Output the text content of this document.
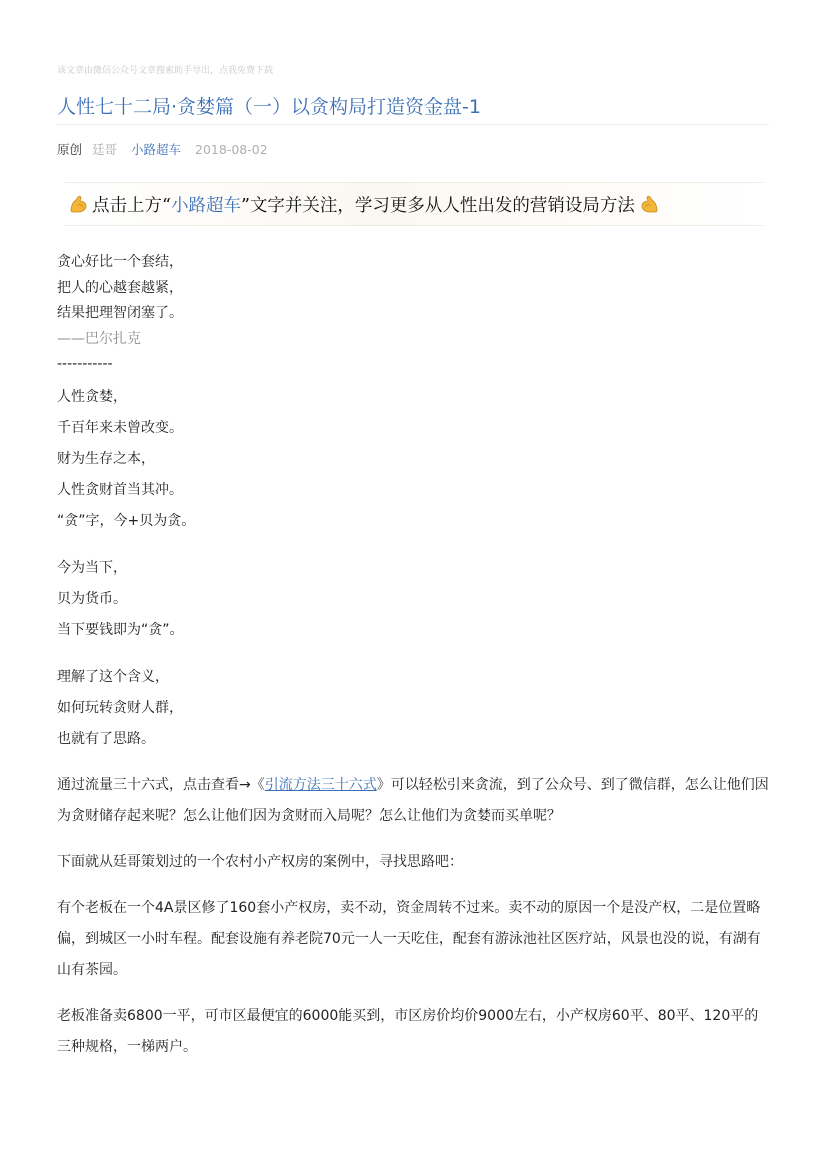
该文章由微信公众号文章搜索助手导出，点我免费下载
人性七十二局·贪婪篇（一）以贪构局打造资金盘-1
原创 廷哥 小路超车 2018-08-02
点击上方“ 小路超车 ”文字并关注，学习更多从人性出发的营销设局方法
贪心好比一个套结，
把人的心越套越紧，
结果把理智闭塞了。
——巴尔扎克
-----------
人性贪婪，
千百年来未曾改变。
财为生存之本，
人性贪财首当其冲。
“贪”字，今+贝为贪。
今为当下，
贝为货币。
当下要钱即为“贪”。
理解了这个含义，
如何玩转贪财人群，
也就有了思路。

通过流量三十六式，点击查看→《引流方法三十六式》可以轻松引来贪流，到了公众号、到了微信群，怎么让他们因为贪财储存起来呢？怎么让他们因为贪财而入局呢？怎么让他们为贪婪而买单呢？

下面就从廷哥策划过的一个农村小产权房的案例中，寻找思路吧：

有个老板在一个4A景区修了160套小产权房，卖不动，资金周转不过来。卖不动的原因一个是没产权，二是位置略偏，到城区一小时车程。配套设施有养老院70元一人一天吃住，配套有游泳池社区医疗站，风景也没的说，有湖有山有茶园。

老板准备卖6800一平，可市区最便宜的6000能买到，市区房价均价9000左右，小产权房60平、80平、120平的三种规格，一梯两户。
